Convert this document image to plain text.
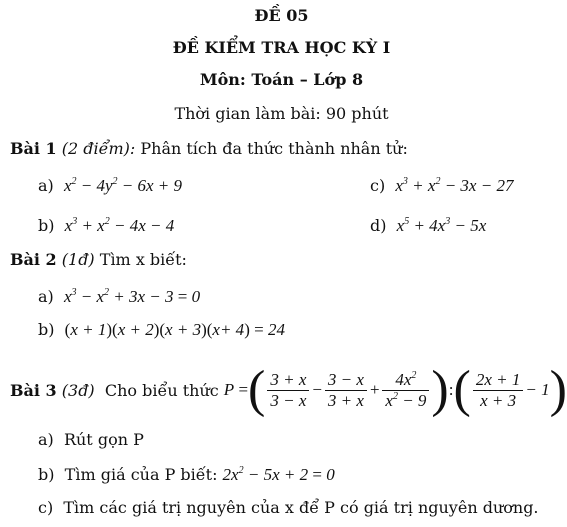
ĐỀ 05
ĐỀ KIỂM TRA HỌC KỲ I
Môn: Toán – Lớp 8
Thời gian làm bài: 90 phút
Bài 1 (2 điểm): Phân tích đa thức thành nhân tử:
a) $x^2 - 4y^2 - 6x + 9$	c) $x^3 + x^2 - 3x - 27$
b) $x^3 + x^2 - 4x - 4$	d) $x^5 + 4x^3 - 5x$
Bài 2 (1đ) Tìm x biết:
a) $x^3 - x^2 + 3x - 3 = 0$
b) (x + 1)(x + 2)(x + 3)(x+ 4) = 24
Bài 3
(3đ)
Cho biểu thức
P = ( $\frac{3 + x}{3 - x} - \frac{3 - x}{3 + x} + \frac{4x^2}{x^2 - 9}$ ) : ( $\frac{2x + 1}{x + 3} - 1$ )
a) Rút gọn P
b) Tìm giá của P biết: $2x^2 - 5x + 2 = 0$
c) Tìm các giá trị nguyên của x để P có giá trị nguyên dương.
